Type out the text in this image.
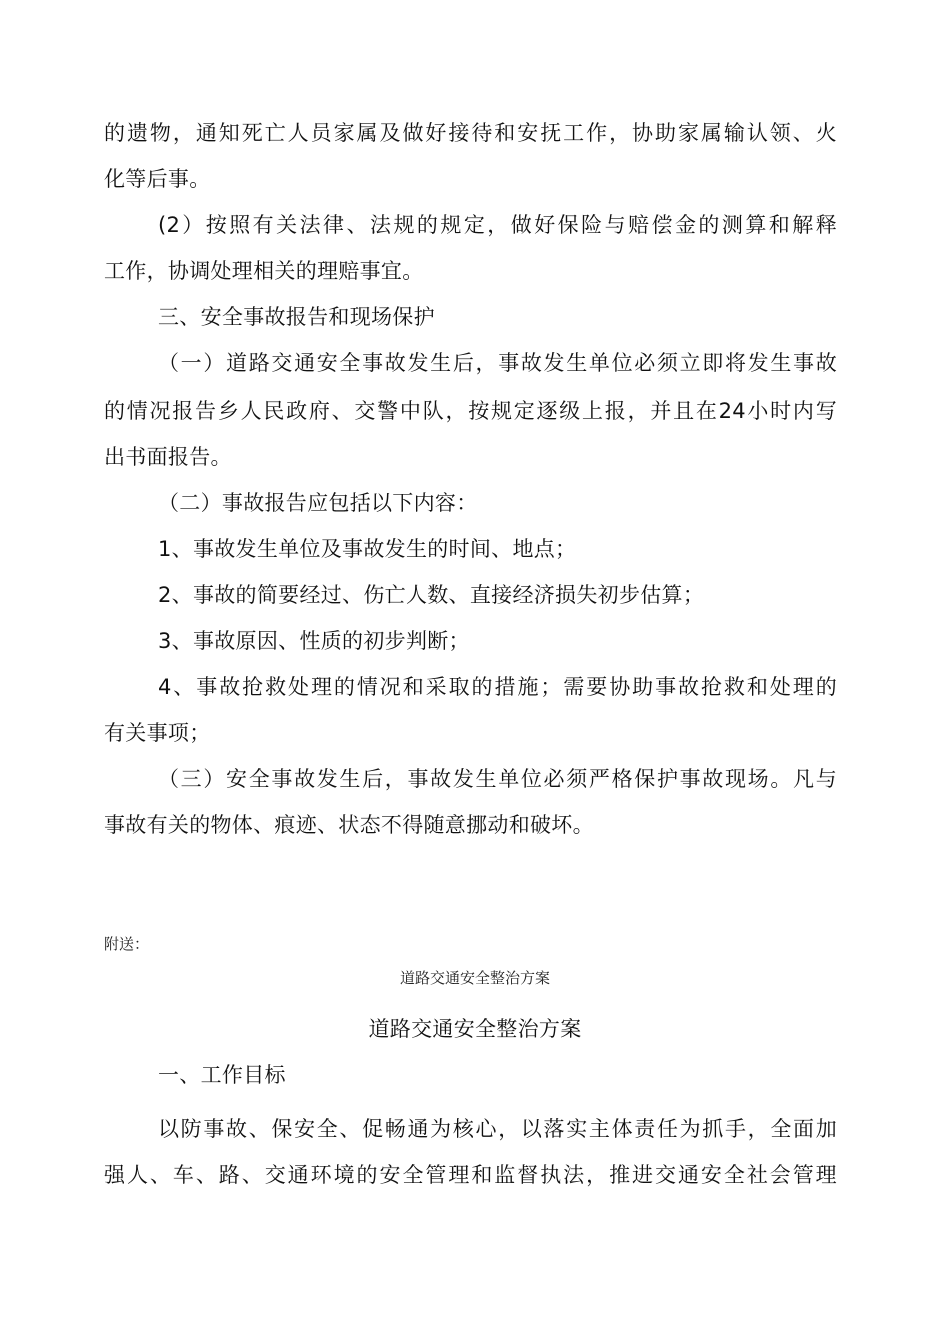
的遗物，通知死亡人员家属及做好接待和安抚工作，协助家属输认领、火
化等后事。
(2）按照有关法律、法规的规定，做好保险与赔偿金的测算和解释
工作，协调处理相关的理赔事宜。
三、安全事故报告和现场保护
（一）道路交通安全事故发生后，事故发生单位必须立即将发生事故
的情况报告乡人民政府、交警中队，按规定逐级上报，并且在24小时内写
出书面报告。
（二）事故报告应包括以下内容：
1、事故发生单位及事故发生的时间、地点；
2、事故的简要经过、伤亡人数、直接经济损失初步估算；
3、事故原因、性质的初步判断；
4、事故抢救处理的情况和采取的措施；需要协助事故抢救和处理的
有关事项；
（三）安全事故发生后，事故发生单位必须严格保护事故现场。凡与
事故有关的物体、痕迹、状态不得随意挪动和破坏。
附送：
道路交通安全整治方案
道路交通安全整治方案
一、工作目标
以防事故、保安全、促畅通为核心，以落实主体责任为抓手，全面加
强人、车、路、交通环境的安全管理和监督执法，推进交通安全社会管理
